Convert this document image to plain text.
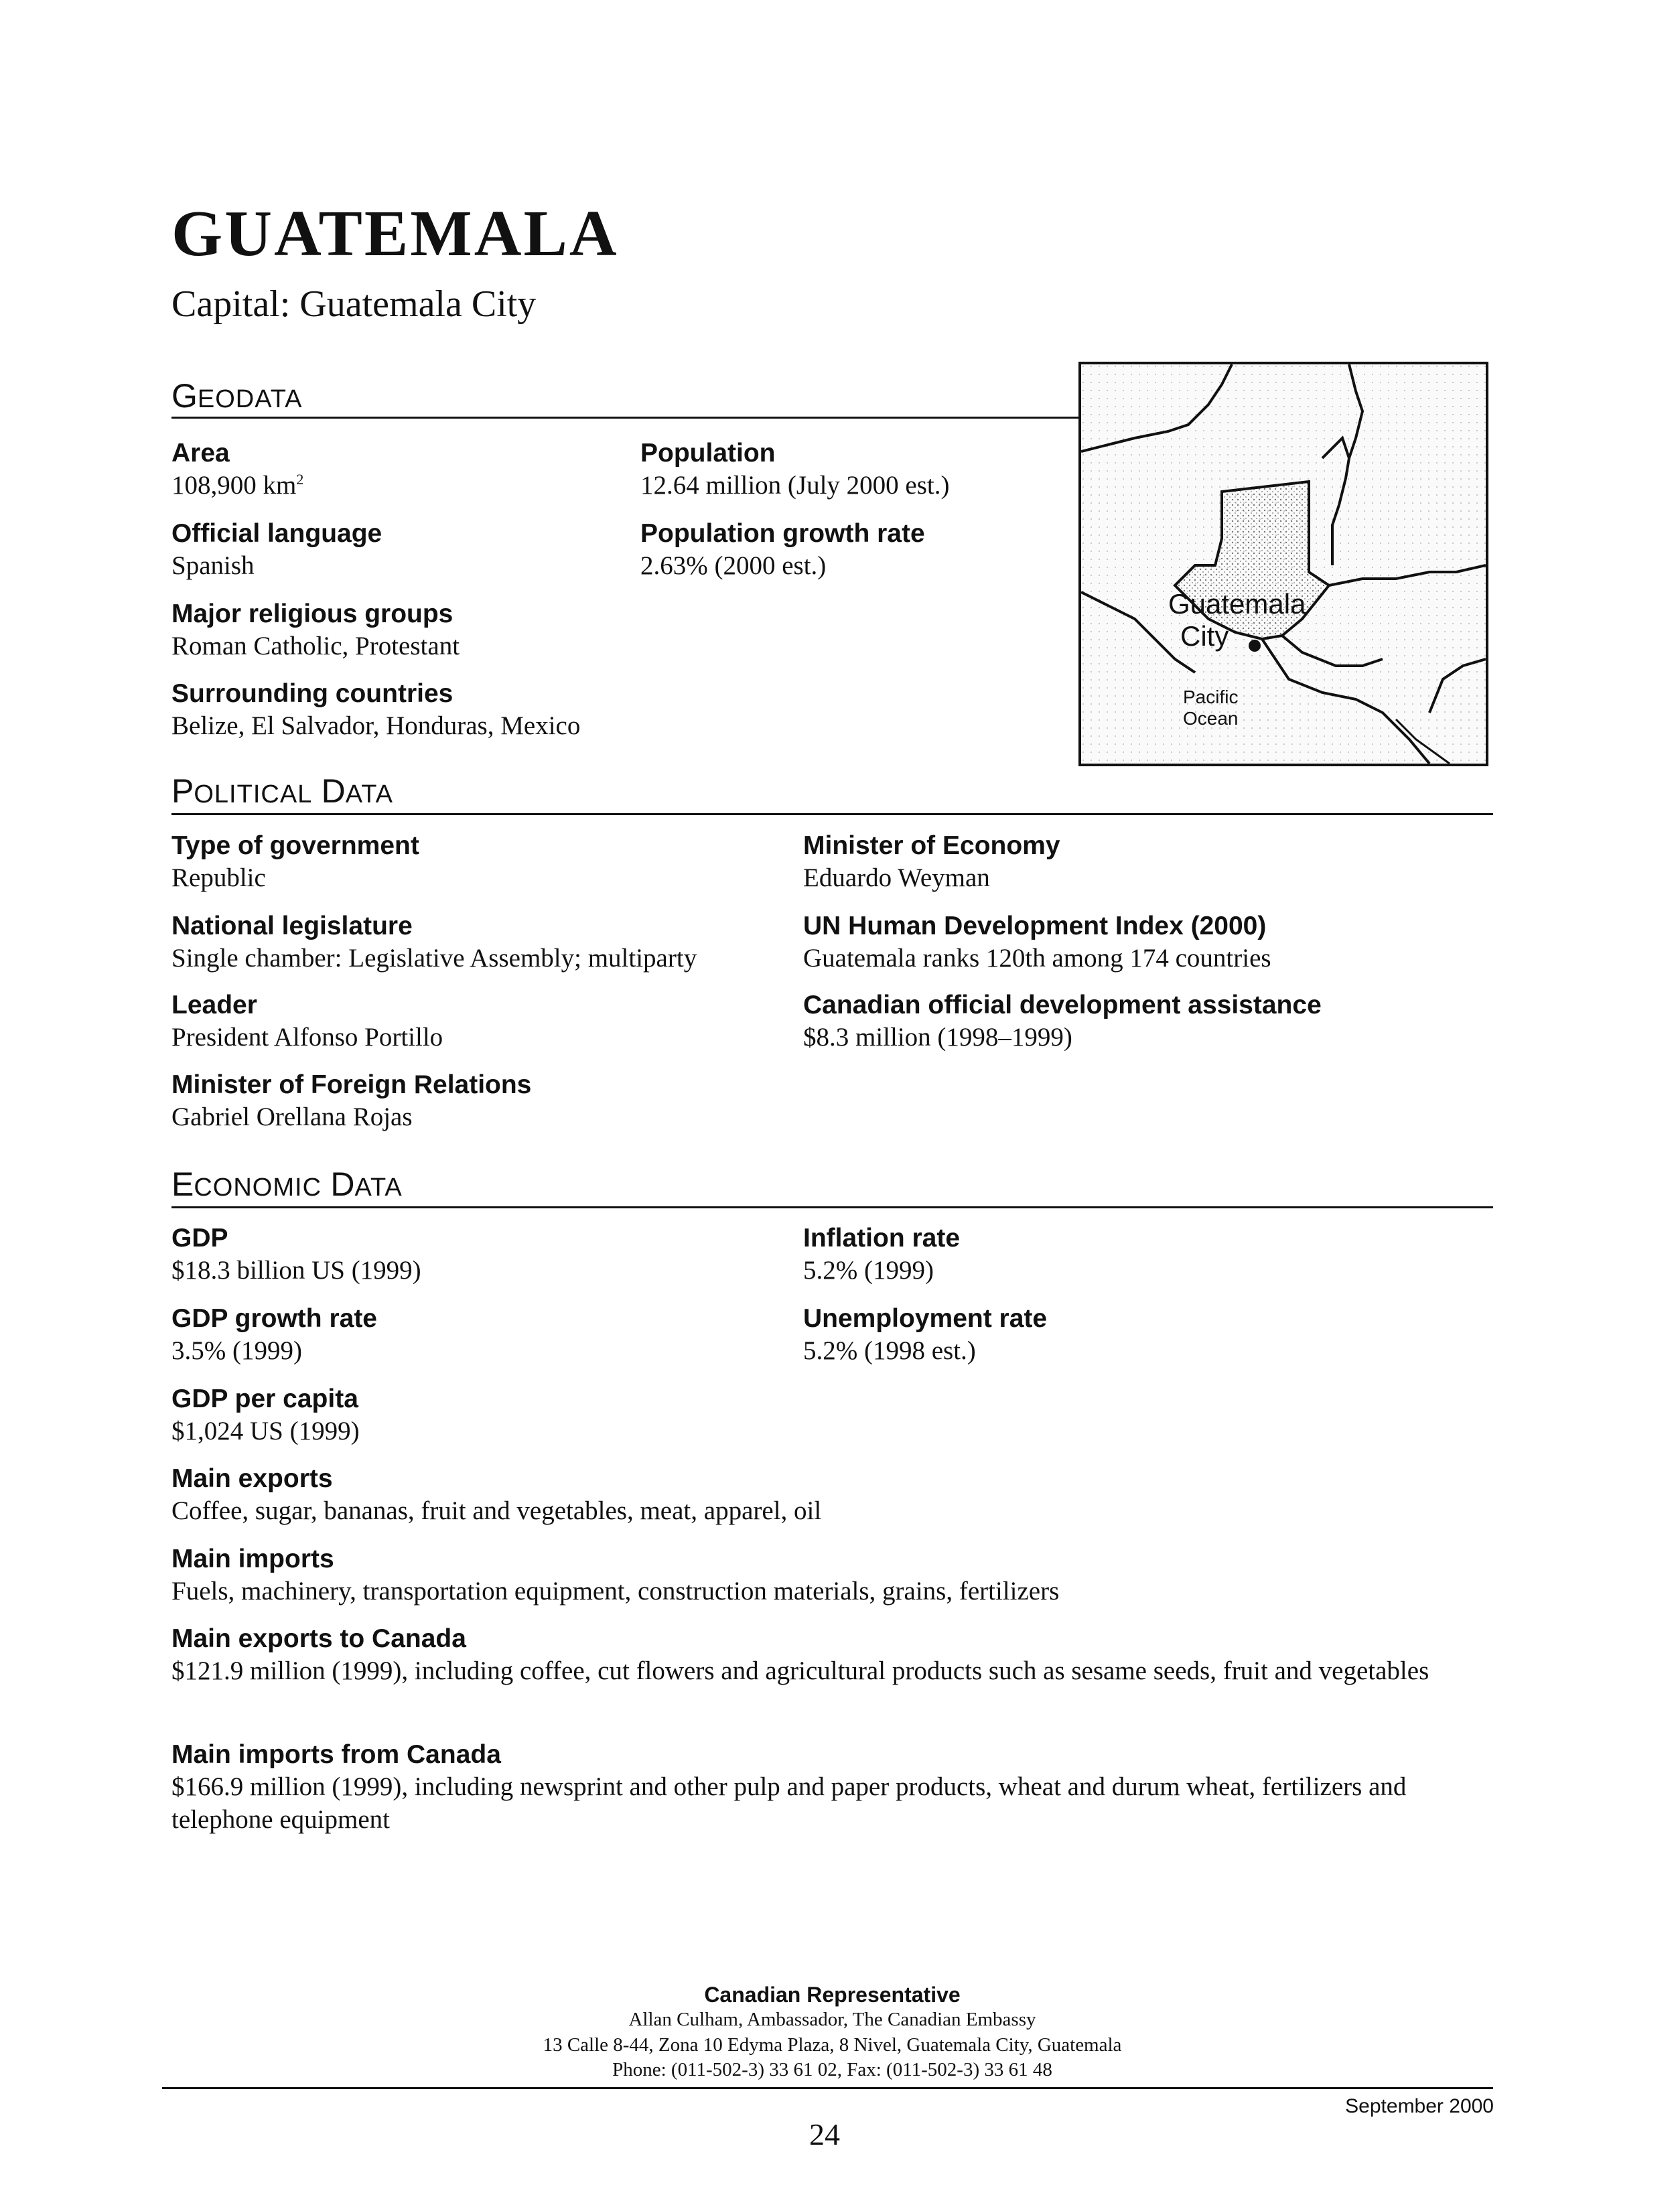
GUATEMALA
Capital: Guatemala City
GEODATA
Area
108,900 $km^2$
Official language
Spanish
Major religious groups
Roman Catholic, Protestant
Surrounding countries
Belize, El Salvador, Honduras, Mexico
Population
12.64 million (July 2000 est.)
Population growth rate
2.63% (2000 est.)
Guatemala
City
Pacific
Ocean
POLITICAL DATA
Type of government
Republic
National legislature
Single chamber: Legislative Assembly; multiparty
Leader
President Alfonso Portillo
Minister of Foreign Relations
Gabriel Orellana Rojas
Minister of Economy
Eduardo Weyman
UN Human Development Index (2000)
Guatemala ranks 120th among 174 countries
Canadian official development assistance
$8.3 million (1998–1999)
ECONOMIC DATA
GDP
$18.3 billion US (1999)
GDP growth rate
3.5% (1999)
GDP per capita
$1,024 US (1999)
Inflation rate
5.2% (1999)
Unemployment rate
5.2% (1998 est.)
Main exports
Coffee, sugar, bananas, fruit and vegetables, meat, apparel, oil
Main imports
Fuels, machinery, transportation equipment, construction materials, grains, fertilizers
Main exports to Canada
$121.9 million (1999), including coffee, cut flowers and agricultural products such as sesame seeds, fruit and vegetables
Main imports from Canada
$166.9 million (1999), including newsprint and other pulp and paper products, wheat and durum wheat, fertilizers and telephone equipment
Canadian Representative
Allan Culham, Ambassador, The Canadian Embassy
13 Calle 8-44, Zona 10 Edyma Plaza, 8 Nivel, Guatemala City, Guatemala
Phone: (011-502-3) 33 61 02, Fax: (011-502-3) 33 61 48
September 2000
24
